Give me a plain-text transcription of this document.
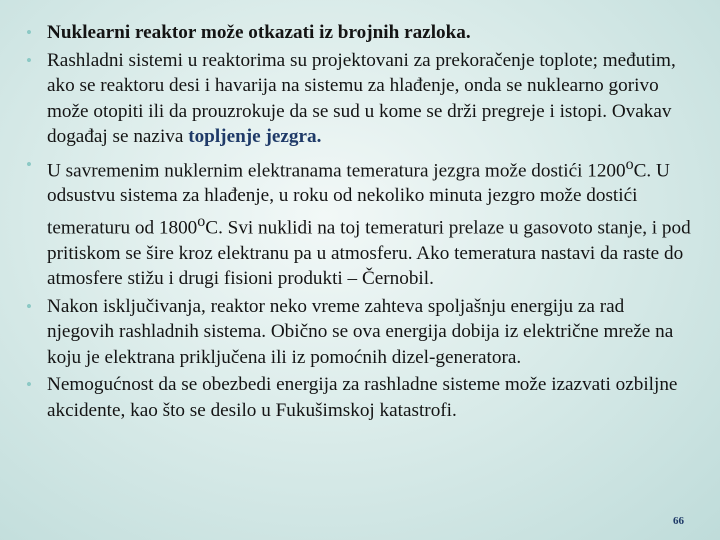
• Nuklearni reaktor može otkazati iz brojnih razloka.
• Rashladni sistemi u reaktorima su projektovani za prekoračenje toplote; međutim, ako se reaktoru desi i havarija na sistemu za hlađenje, onda se nuklearno gorivo može otopiti ili da prouzrokuje da se sud u kome se drži pregreje i istopi. Ovakav događaj se naziva topljenje jezgra.
• U savremenim nuklernim elektranama temeratura jezgra može dostići 1200$^o$C. U odsustvu sistema za hlađenje, u roku od nekoliko minuta jezgro može dostići temeraturu od 1800$^o$C. Svi nuklidi na toj temeraturi prelaze u gasovoto stanje, i pod pritiskom se šire kroz elektranu pa u atmosferu. Ako temeratura nastavi da raste do atmosfere stižu i drugi fisioni produkti – Černobil.
• Nakon isključivanja, reaktor neko vreme zahteva spoljašnju energiju za rad njegovih rashladnih sistema. Obično se ova energija dobija iz električne mreže na koju je elektrana priključena ili iz pomoćnih dizel-generatora.
• Nemogućnost da se obezbedi energija za rashladne sisteme može izazvati ozbiljne akcidente, kao što se desilo u Fukušimskoj katastrofi.
66
